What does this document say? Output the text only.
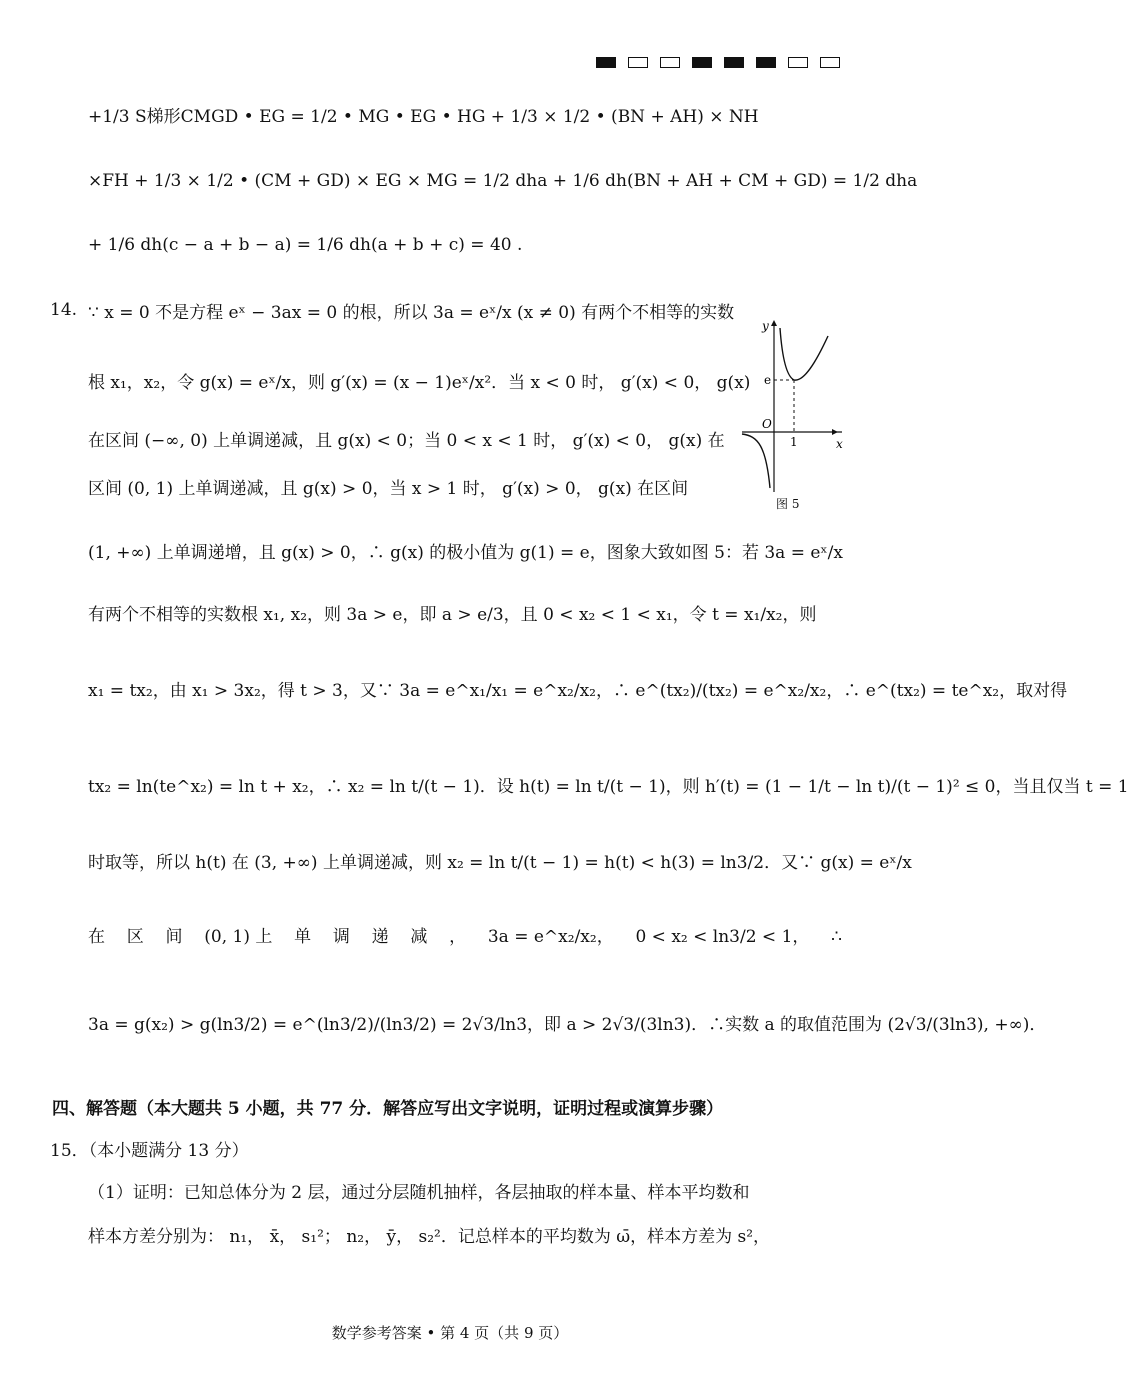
+1/3 S梯形CMGD • EG = 1/2 • MG • EG • HG + 1/3 × 1/2 • (BN + AH) × NH
×FH + 1/3 × 1/2 • (CM + GD) × EG × MG = 1/2 dha + 1/6 dh(BN + AH + CM + GD) = 1/2 dha
+ 1/6 dh(c − a + b − a) = 1/6 dh(a + b + c) = 40 .
14. ∵ x = 0 不是方程 eˣ − 3ax = 0 的根，所以 3a = eˣ/x (x ≠ 0) 有两个不相等的实数
根 x₁，x₂，令 g(x) = eˣ/x，则 g′(x) = (x − 1)eˣ/x²．当 x < 0 时， g′(x) < 0， g(x)
在区间 (−∞, 0) 上单调递减，且 g(x) < 0；当 0 < x < 1 时， g′(x) < 0， g(x) 在
区间 (0, 1) 上单调递减，且 g(x) > 0，当 x > 1 时， g′(x) > 0， g(x) 在区间
y
x
O
e
1
图 5
(1, +∞) 上单调递增，且 g(x) > 0，∴ g(x) 的极小值为 g(1) = e，图象大致如图 5：若 3a = eˣ/x
有两个不相等的实数根 x₁, x₂，则 3a > e，即 a > e/3，且 0 < x₂ < 1 < x₁，令 t = x₁/x₂，则
x₁ = tx₂，由 x₁ > 3x₂，得 t > 3，又∵ 3a = e^x₁/x₁ = e^x₂/x₂，∴ e^(tx₂)/(tx₂) = e^x₂/x₂，∴ e^(tx₂) = te^x₂，取对得
tx₂ = ln(te^x₂) = ln t + x₂，∴ x₂ = ln t/(t − 1)．设 h(t) = ln t/(t − 1)，则 h′(t) = (1 − 1/t − ln t)/(t − 1)² ≤ 0，当且仅当 t = 1
时取等，所以 h(t) 在 (3, +∞) 上单调递减，则 x₂ = ln t/(t − 1) = h(t) < h(3) = ln3/2．又∵ g(x) = eˣ/x
在 区 间 (0, 1) 上 单 调 递 减 ， 3a = e^x₂/x₂， 0 < x₂ < ln3/2 < 1， ∴
3a = g(x₂) > g(ln3/2) = e^(ln3/2)/(ln3/2) = 2√3/ln3，即 a > 2√3/(3ln3)．∴实数 a 的取值范围为 (2√3/(3ln3), +∞)．
四、解答题（本大题共 5 小题，共 77 分．解答应写出文字说明，证明过程或演算步骤）
15．（本小题满分 13 分）
（1）证明：已知总体分为 2 层，通过分层随机抽样，各层抽取的样本量、样本平均数和
样本方差分别为： n₁， x̄， s₁²； n₂， ȳ， s₂²．记总样本的平均数为 ω̄，样本方差为 s²，
数学参考答案 • 第 4 页（共 9 页）
